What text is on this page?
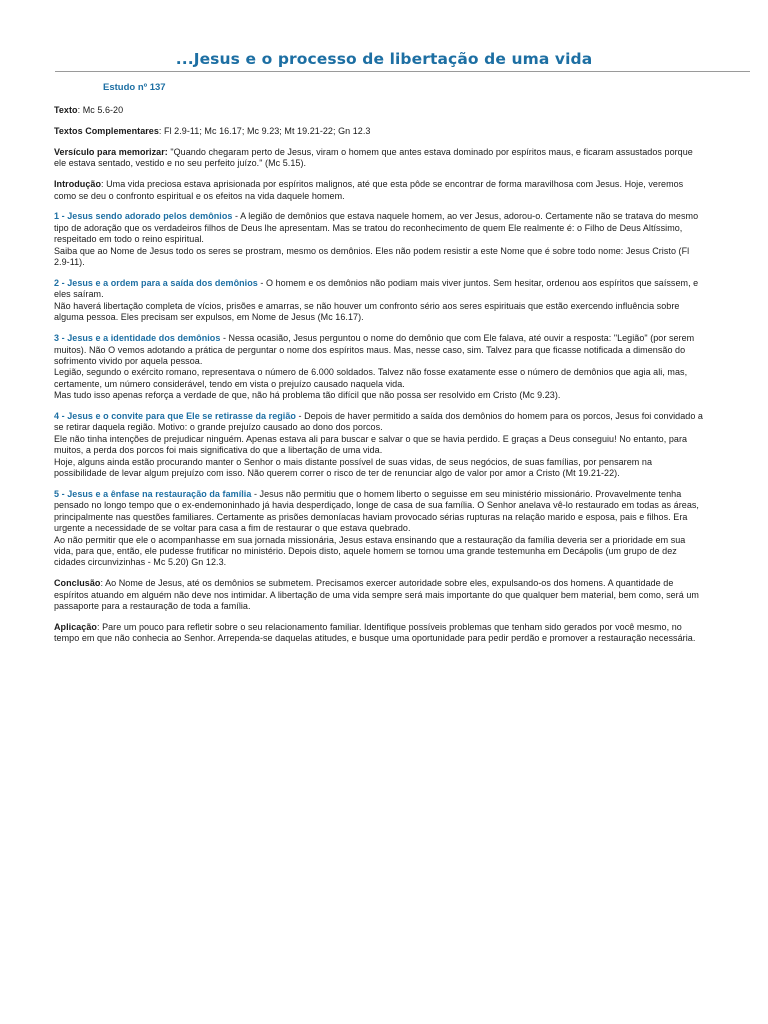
...Jesus e o processo de libertação de uma vida
Estudo nº 137

Texto: Mc 5.6-20

Textos Complementares: Fl 2.9-11; Mc 16.17; Mc 9.23; Mt 19.21-22; Gn 12.3

Versículo para memorizar: "Quando chegaram perto de Jesus, viram o homem que antes estava dominado por espíritos maus, e ficaram assustados porque ele estava sentado, vestido e no seu perfeito juízo." (Mc 5.15).

Introdução: Uma vida preciosa estava aprisionada por espíritos malignos, até que esta pôde se encontrar de forma maravilhosa com Jesus. Hoje, veremos como se deu o confronto espiritual e os efeitos na vida daquele homem.

1 - Jesus sendo adorado pelos demônios - A legião de demônios que estava naquele homem, ao ver Jesus, adorou-o. Certamente não se tratava do mesmo tipo de adoração que os verdadeiros filhos de Deus lhe apresentam. Mas se tratou do reconhecimento de quem Ele realmente é: o Filho de Deus Altíssimo, respeitado em todo o reino espiritual.
Saiba que ao Nome de Jesus todo os seres se prostram, mesmo os demônios. Eles não podem resistir a este Nome que é sobre todo nome: Jesus Cristo (Fl 2.9-11).

2 - Jesus e a ordem para a saída dos demônios - O homem e os demônios não podiam mais viver juntos. Sem hesitar, ordenou aos espíritos que saíssem, e eles saíram.
Não haverá libertação completa de vícios, prisões e amarras, se não houver um confronto sério aos seres espirituais que estão exercendo influência sobre alguma pessoa. Eles precisam ser expulsos, em Nome de Jesus (Mc 16.17).

3 - Jesus e a identidade dos demônios - Nessa ocasião, Jesus perguntou o nome do demônio que com Ele falava, até ouvir a resposta: "Legião" (por serem muitos). Não O vemos adotando a prática de perguntar o nome dos espíritos maus. Mas, nesse caso, sim. Talvez para que ficasse notificada a dimensão do sofrimento vivido por aquela pessoa.
Legião, segundo o exército romano, representava o número de 6.000 soldados. Talvez não fosse exatamente esse o número de demônios que agia ali, mas, certamente, um número considerável, tendo em vista o prejuízo causado naquela vida.
Mas tudo isso apenas reforça a verdade de que, não há problema tão difícil que não possa ser resolvido em Cristo (Mc 9.23).

4 - Jesus e o convite para que Ele se retirasse da região - Depois de haver permitido a saída dos demônios do homem para os porcos, Jesus foi convidado a se retirar daquela região. Motivo: o grande prejuízo causado ao dono dos porcos.
Ele não tinha intenções de prejudicar ninguém. Apenas estava ali para buscar e salvar o que se havia perdido. E graças a Deus conseguiu! No entanto, para muitos, a perda dos porcos foi mais significativa do que a libertação de uma vida.
Hoje, alguns ainda estão procurando manter o Senhor o mais distante possível de suas vidas, de seus negócios, de suas famílias, por pensarem na possibilidade de levar algum prejuízo com isso. Não querem correr o risco de ter de renunciar algo de valor por amor a Cristo (Mt 19.21-22).

5 - Jesus e a ênfase na restauração da família - Jesus não permitiu que o homem liberto o seguisse em seu ministério missionário. Provavelmente tenha pensado no longo tempo que o ex-endemoninhado já havia desperdiçado, longe de casa de sua família. O Senhor anelava vê-lo restaurado em todas as áreas, principalmente nas questões familiares. Certamente as prisões demoníacas haviam provocado sérias rupturas na relação marido e esposa, pais e filhos. Era urgente a necessidade de se voltar para casa a fim de restaurar o que estava quebrado.
Ao não permitir que ele o acompanhasse em sua jornada missionária, Jesus estava ensinando que a restauração da família deveria ser a prioridade em sua vida, para que, então, ele pudesse frutificar no ministério. Depois disto, aquele homem se tornou uma grande testemunha em Decápolis (um grupo de dez cidades circunvizinhas - Mc 5.20) Gn 12.3.

Conclusão: Ao Nome de Jesus, até os demônios se submetem. Precisamos exercer autoridade sobre eles, expulsando-os dos homens. A quantidade de espíritos atuando em alguém não deve nos intimidar. A libertação de uma vida sempre será mais importante do que qualquer bem material, bem como, será um passaporte para a restauração de toda a família.

Aplicação: Pare um pouco para refletir sobre o seu relacionamento familiar. Identifique possíveis problemas que tenham sido gerados por você mesmo, no tempo em que não conhecia ao Senhor. Arrependa-se daquelas atitudes, e busque uma oportunidade para pedir perdão e promover a restauração necessária.
